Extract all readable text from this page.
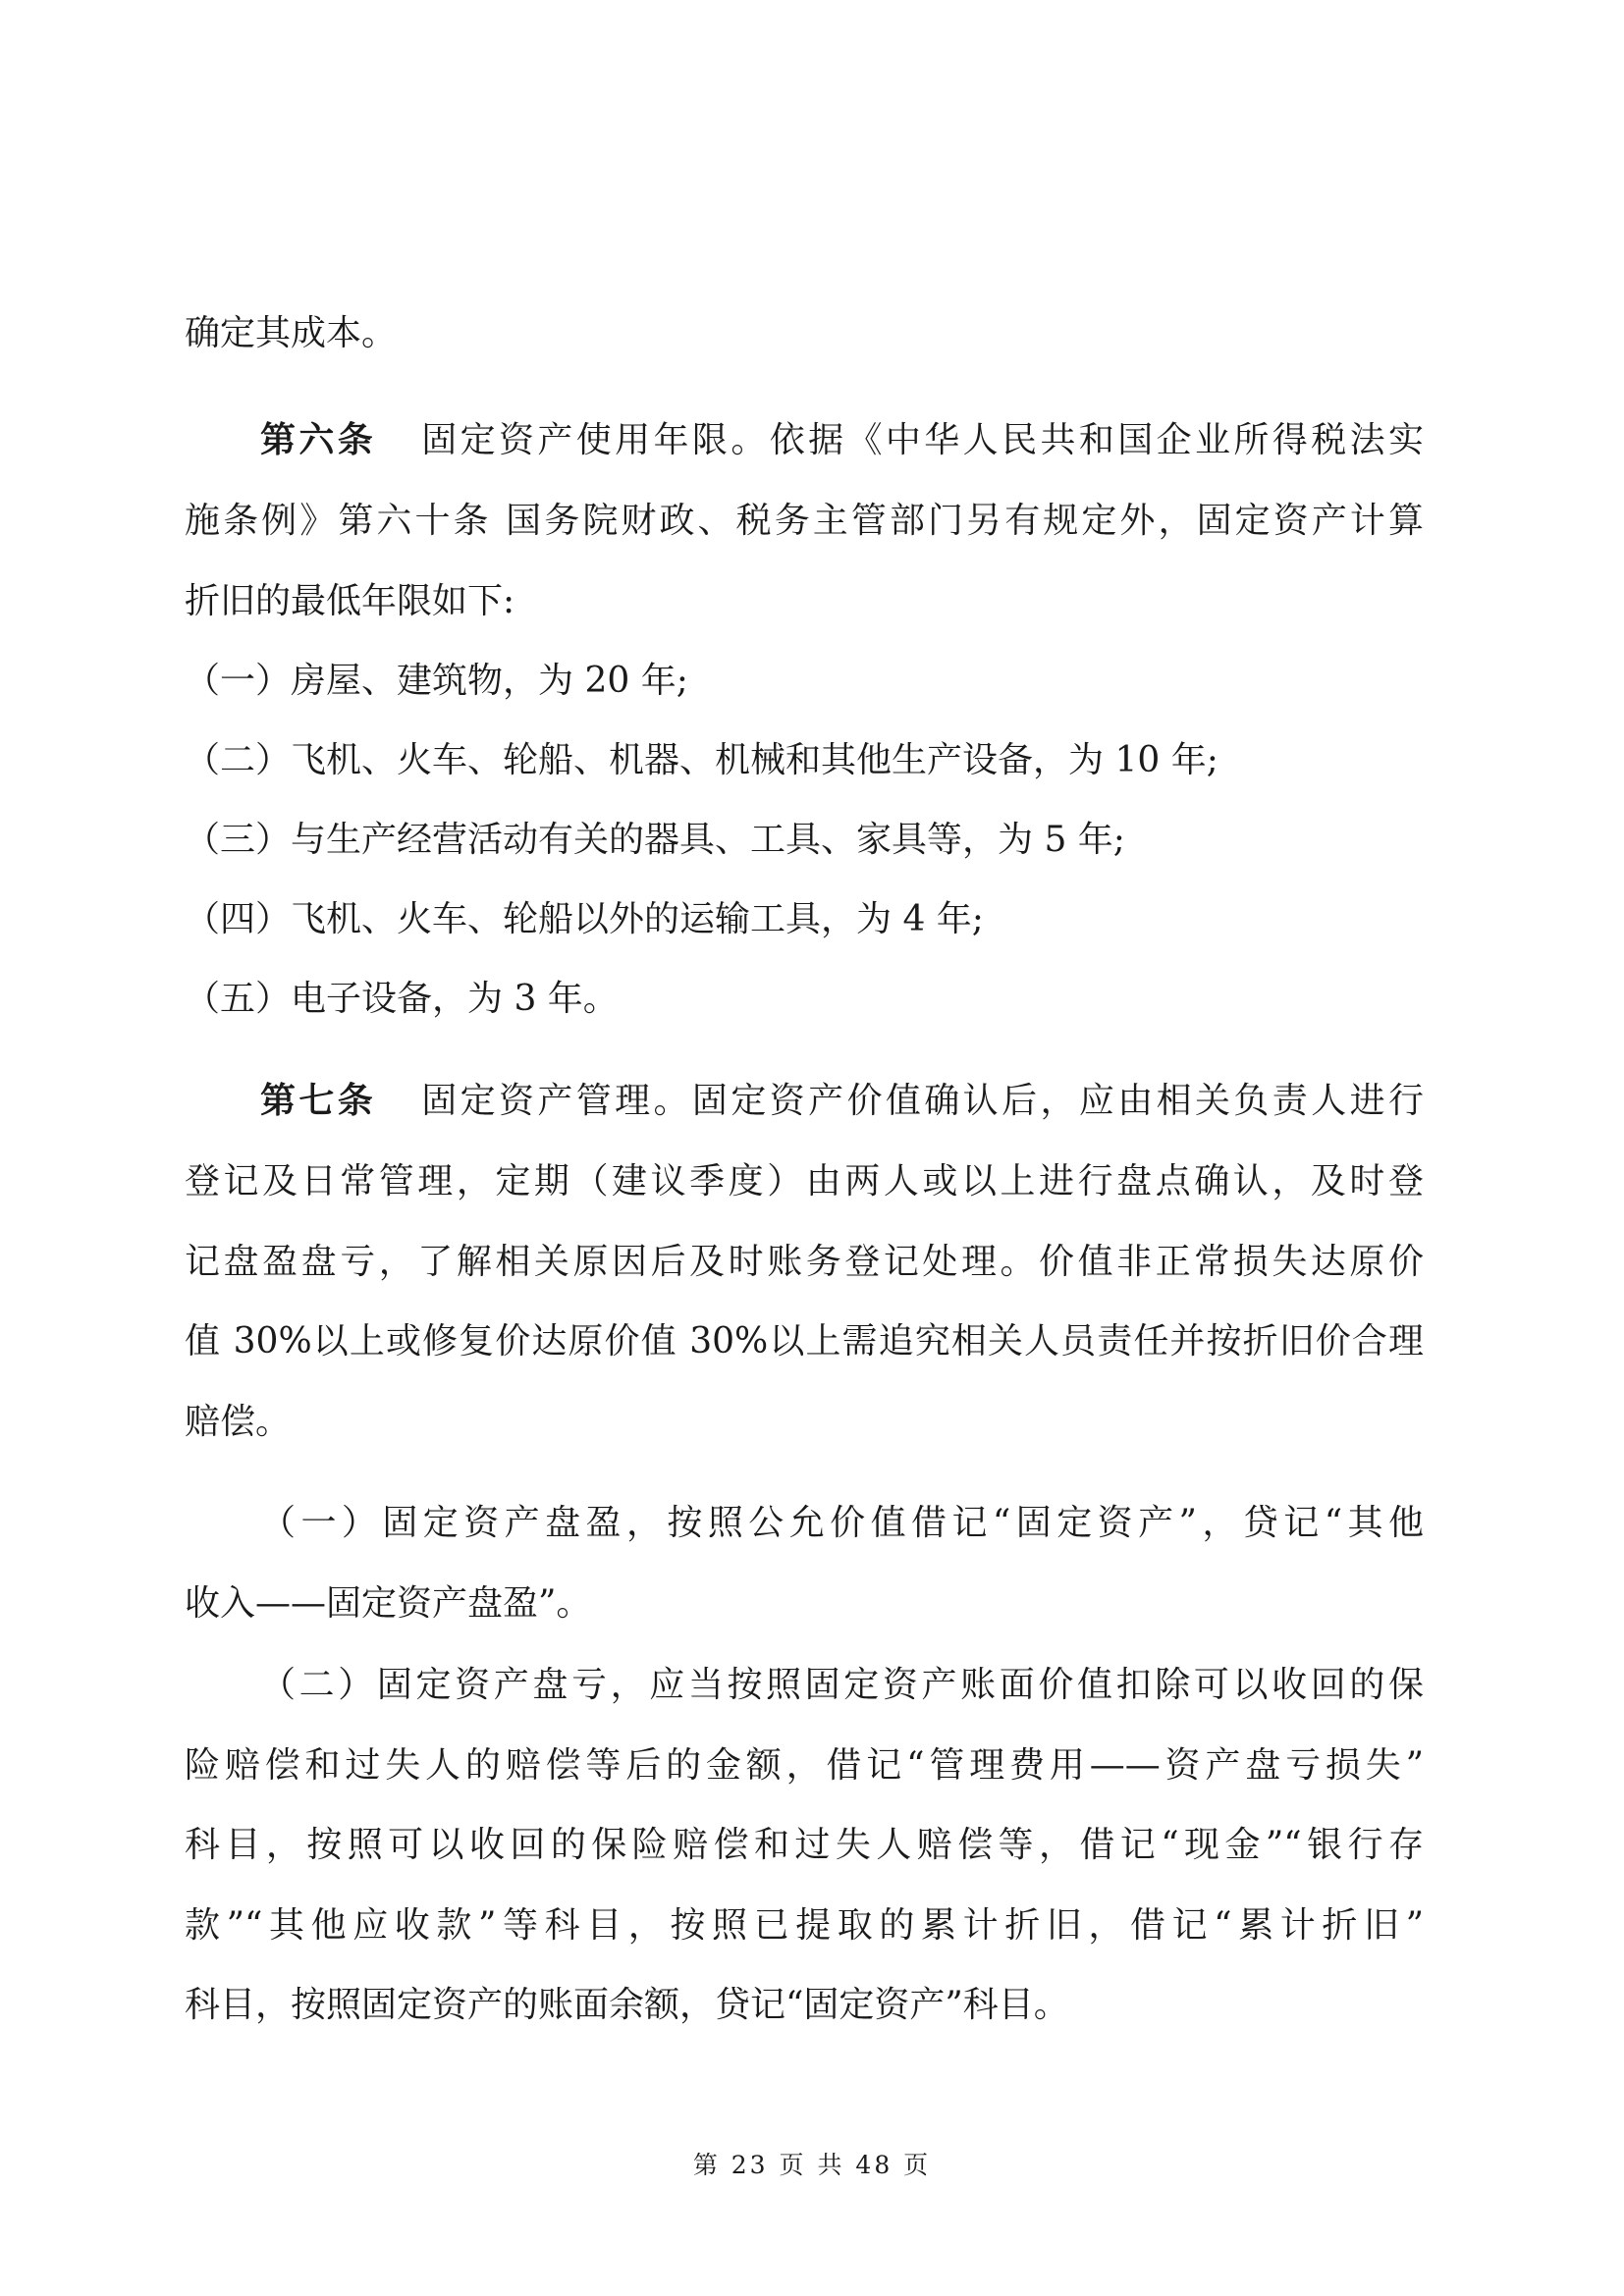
确定其成本。
第六条 固定资产使用年限。依据《中华人民共和国企业所得税法实
施条例》第六十条 国务院财政、税务主管部门另有规定外，固定资产计算
折旧的最低年限如下:
（一）房屋、建筑物，为 20 年;
（二）飞机、火车、轮船、机器、机械和其他生产设备，为 10 年;
（三）与生产经营活动有关的器具、工具、家具等，为 5 年;
（四）飞机、火车、轮船以外的运输工具，为 4 年;
（五）电子设备，为 3 年。
第七条 固定资产管理。固定资产价值确认后，应由相关负责人进行
登记及日常管理，定期（建议季度）由两人或以上进行盘点确认，及时登
记盘盈盘亏，了解相关原因后及时账务登记处理。价值非正常损失达原价
值 30%以上或修复价达原价值 30%以上需追究相关人员责任并按折旧价合理
赔偿。
（一）固定资产盘盈，按照公允价值借记“固定资产”，贷记“其他
收入——固定资产盘盈”。
（二）固定资产盘亏，应当按照固定资产账面价值扣除可以收回的保
险赔偿和过失人的赔偿等后的金额，借记“管理费用——资产盘亏损失”
科目，按照可以收回的保险赔偿和过失人赔偿等，借记“现金”“银行存
款”“其他应收款”等科目，按照已提取的累计折旧，借记“累计折旧”
科目，按照固定资产的账面余额，贷记“固定资产”科目。
第 23 页 共 48 页
